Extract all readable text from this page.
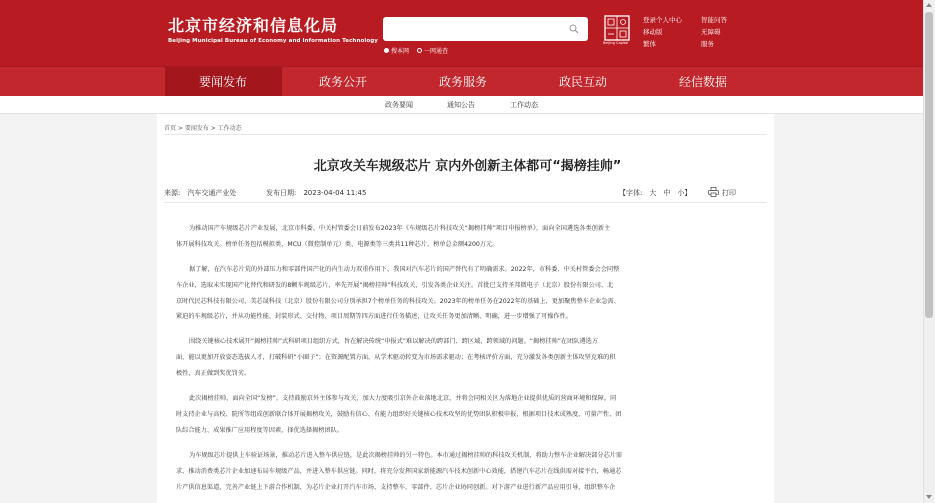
北京市经济和信息化局
Beijing Municipal Bureau of Economy and Information Technology
搜本网	一网通查
Beijing Capital
登录个人中心	智能问答
移动版	无障碍
繁体	服务
要闻发布	政务公开	政务服务	政民互动	经信数据
政务要闻	通知公告	工作动态
首页 > 要闻发布 > 工作动态
北京攻关车规级芯片 京内外创新主体都可“揭榜挂帅”
来源:　汽车交通产业处	发布日期:　2023-04-04 11:45	【字体:　大　中　小】	打印
为推动国产车规级芯片产业发展，北京市科委、中关村管委会日前发布2023年《车规级芯片科技攻关“揭榜挂帅”项目申报榜单》，面向全国遴选各类创新主
体开展科技攻关。榜单任务包括模拟类、MCU（微控制单元）类、电源类等三类共11种芯片，榜单总金额4200万元。
据了解，在汽车芯片荒的外部压力和零部件国产化的内生动力双重作用下，我国对汽车芯片的国产替代有了明确需求。2022年，市科委、中关村管委会会同整
车企业，选取未实现国产化替代和研发的8颗车规级芯片，率先开展“揭榜挂帅”科技攻关，引发各类企业关注。首批已支持圣邦微电子（北京）股份有限公司、北
京时代民芯科技有限公司、美芯晟科技（北京）股份有限公司分别承担7个榜单任务的科技攻关。2023年的榜单任务在2022年的基础上，更加聚焦整车企业急需、
紧迫的车规级芯片，并从功能性能、封装形式、交付物、项目周期等四方面进行任务描述，让攻关任务更加清晰、明确，进一步增强了可操作性。
围绕关键核心技术展开“揭榜挂帅”式科研项目组织方式，旨在解决传统“申报式”难以解决的跨部门、跨区域、跨领域的问题。“揭榜挂帅”在团队遴选方
面，能以更加开放姿态选拔人才，打破科研“小圈子”；在资源配置方面，从学术驱动转变为市场需求驱动；在考核评价方面，充分激发各类创新主体攻坚克难的积
极性，真正做到奖优罚劣。
此次揭榜挂帅，面向全国“发榜”，支持鼓励京外主体参与攻关，加大力度吸引京外企业落地北京，并将会同相关区为落地企业提供优质的营商环境和保障。同
时支持企业与高校、院所等组成创新联合体开展揭榜攻关，鼓励有信心、有能力组织好关键核心技术攻坚的优势团队积极申报，根据项目技术成熟度、可量产性、团
队综合能力、成果推广应用程度等因素，择优选择揭榜团队。
为车规级芯片提供上车验证场景，推动芯片进入整车供应链，是此次揭榜挂帅的另一特色。本市通过揭榜挂帅的科技攻关机制，将助力整车企业解决部分芯片需
求，推动消费类芯片企业加速布局车规级产品，并进入整车供应链。同时，将充分发挥国家新能源汽车技术创新中心效能，搭建汽车芯片在线供需对接平台，畅通芯
片产供信息渠道，完善产业链上下游合作机制，为芯片企业打开汽车市场、支持整车、零部件、芯片企业协同创新。对下游产业进行新产品应用引导，组织整车企
